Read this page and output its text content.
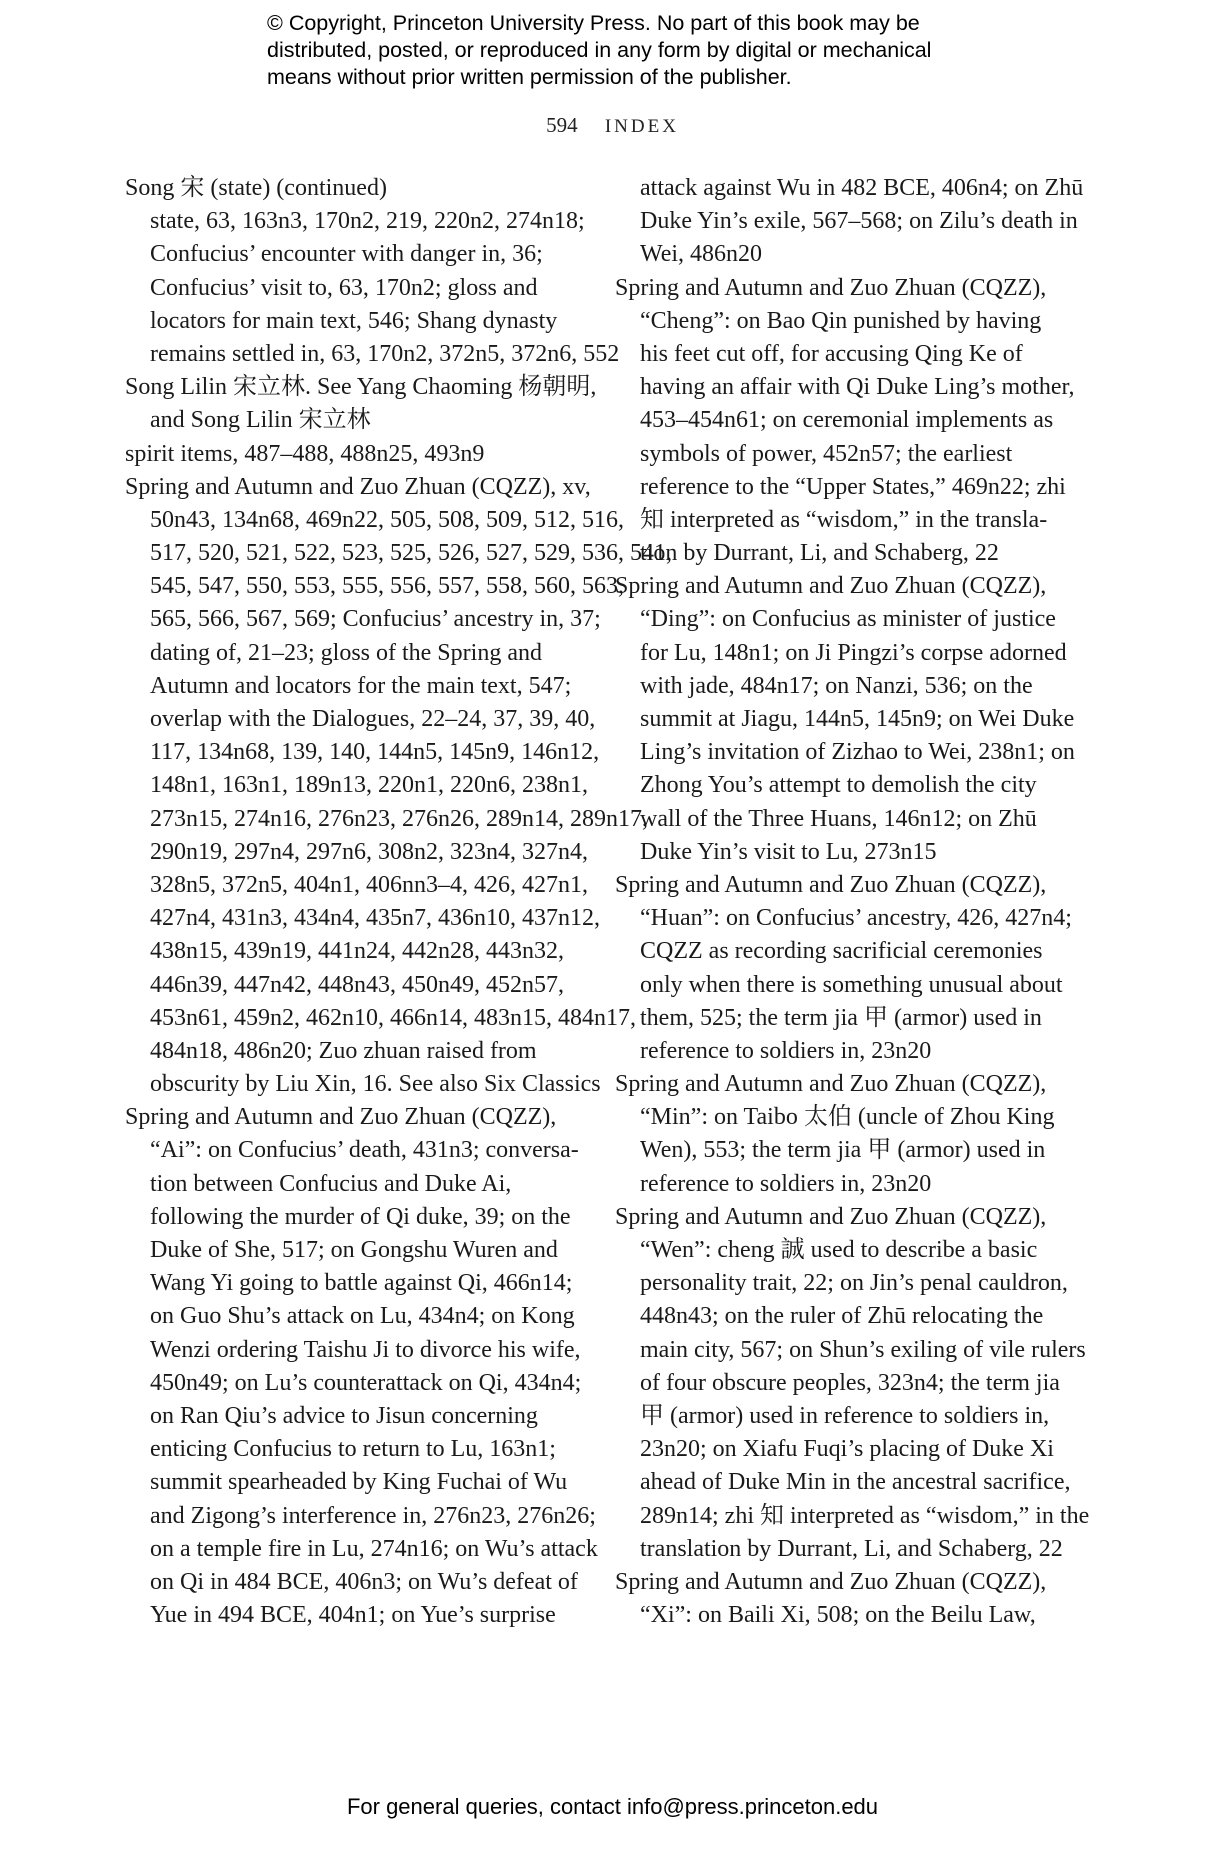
© Copyright, Princeton University Press. No part of this book may be
distributed, posted, or reproduced in any form by digital or mechanical
means without prior written permission of the publisher.
594 INDEX
Song 宋 (state) (continued)
state, 63, 163n3, 170n2, 219, 220n2, 274n18;
Confucius’ encounter with danger in, 36;
Confucius’ visit to, 63, 170n2; gloss and
locators for main text, 546; Shang dynasty
remains settled in, 63, 170n2, 372n5, 372n6, 552
Song Lilin 宋立林. See Yang Chaoming 杨朝明,
and Song Lilin 宋立林
spirit items, 487–488, 488n25, 493n9
Spring and Autumn and Zuo Zhuan (CQZZ), xv,
50n43, 134n68, 469n22, 505, 508, 509, 512, 516,
517, 520, 521, 522, 523, 525, 526, 527, 529, 536, 541,
545, 547, 550, 553, 555, 556, 557, 558, 560, 563,
565, 566, 567, 569; Confucius’ ancestry in, 37;
dating of, 21–23; gloss of the Spring and
Autumn and locators for the main text, 547;
overlap with the Dialogues, 22–24, 37, 39, 40,
117, 134n68, 139, 140, 144n5, 145n9, 146n12,
148n1, 163n1, 189n13, 220n1, 220n6, 238n1,
273n15, 274n16, 276n23, 276n26, 289n14, 289n17,
290n19, 297n4, 297n6, 308n2, 323n4, 327n4,
328n5, 372n5, 404n1, 406nn3–4, 426, 427n1,
427n4, 431n3, 434n4, 435n7, 436n10, 437n12,
438n15, 439n19, 441n24, 442n28, 443n32,
446n39, 447n42, 448n43, 450n49, 452n57,
453n61, 459n2, 462n10, 466n14, 483n15, 484n17,
484n18, 486n20; Zuo zhuan raised from
obscurity by Liu Xin, 16. See also Six Classics
Spring and Autumn and Zuo Zhuan (CQZZ),
“Ai”: on Confucius’ death, 431n3; conversa-
tion between Confucius and Duke Ai,
following the murder of Qi duke, 39; on the
Duke of She, 517; on Gongshu Wuren and
Wang Yi going to battle against Qi, 466n14;
on Guo Shu’s attack on Lu, 434n4; on Kong
Wenzi ordering Taishu Ji to divorce his wife,
450n49; on Lu’s counterattack on Qi, 434n4;
on Ran Qiu’s advice to Jisun concerning
enticing Confucius to return to Lu, 163n1;
summit spearheaded by King Fuchai of Wu
and Zigong’s interference in, 276n23, 276n26;
on a temple fire in Lu, 274n16; on Wu’s attack
on Qi in 484 BCE, 406n3; on Wu’s defeat of
Yue in 494 BCE, 404n1; on Yue’s surprise
attack against Wu in 482 BCE, 406n4; on Zhū
Duke Yin’s exile, 567–568; on Zilu’s death in
Wei, 486n20
Spring and Autumn and Zuo Zhuan (CQZZ),
“Cheng”: on Bao Qin punished by having
his feet cut off, for accusing Qing Ke of
having an affair with Qi Duke Ling’s mother,
453–454n61; on ceremonial implements as
symbols of power, 452n57; the earliest
reference to the “Upper States,” 469n22; zhi
知 interpreted as “wisdom,” in the transla-
tion by Durrant, Li, and Schaberg, 22
Spring and Autumn and Zuo Zhuan (CQZZ),
“Ding”: on Confucius as minister of justice
for Lu, 148n1; on Ji Pingzi’s corpse adorned
with jade, 484n17; on Nanzi, 536; on the
summit at Jiagu, 144n5, 145n9; on Wei Duke
Ling’s invitation of Zizhao to Wei, 238n1; on
Zhong You’s attempt to demolish the city
wall of the Three Huans, 146n12; on Zhū
Duke Yin’s visit to Lu, 273n15
Spring and Autumn and Zuo Zhuan (CQZZ),
“Huan”: on Confucius’ ancestry, 426, 427n4;
CQZZ as recording sacrificial ceremonies
only when there is something unusual about
them, 525; the term jia 甲 (armor) used in
reference to soldiers in, 23n20
Spring and Autumn and Zuo Zhuan (CQZZ),
“Min”: on Taibo 太伯 (uncle of Zhou King
Wen), 553; the term jia 甲 (armor) used in
reference to soldiers in, 23n20
Spring and Autumn and Zuo Zhuan (CQZZ),
“Wen”: cheng 誠 used to describe a basic
personality trait, 22; on Jin’s penal cauldron,
448n43; on the ruler of Zhū relocating the
main city, 567; on Shun’s exiling of vile rulers
of four obscure peoples, 323n4; the term jia
甲 (armor) used in reference to soldiers in,
23n20; on Xiafu Fuqi’s placing of Duke Xi
ahead of Duke Min in the ancestral sacrifice,
289n14; zhi 知 interpreted as “wisdom,” in the
translation by Durrant, Li, and Schaberg, 22
Spring and Autumn and Zuo Zhuan (CQZZ),
“Xi”: on Baili Xi, 508; on the Beilu Law,
For general queries, contact info@press.princeton.edu
